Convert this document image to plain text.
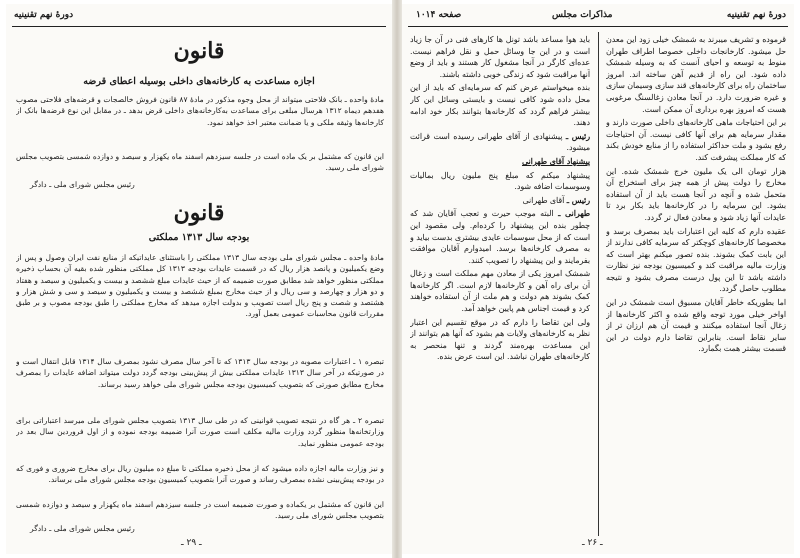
دورهٔ نهم تقنینیه
قانون
اجازه مساعدت به کارخانه‌های داخلی بوسیله اعطای قرضه
مادهٔ واحده ـ بانک فلاحتی میتواند از محل وجوه مذکور در مادهٔ ۸۷ قانون فروش خالصجات و قرضه‌های فلاحتی مصوب هفدهم دیماه ۱۳۱۲ هرسال مبلغی برای مساعدت به‌کارخانه‌های داخلی قرض بدهد ـ در مقابل این نوع قرضه‌ها بانک از کارخانه‌ها وثیقه ملکی و یا ضمانت معتبر اخذ خواهد نمود.
این قانون که مشتمل بر یک ماده است در جلسه سیزدهم اسفند ماه یکهزار و سیصد و دوازده شمسی بتصویب مجلس شورای ملی رسید.
رئیس مجلس شورای ملی ـ دادگر
قانون
بودجه سال ۱۳۱۳ مملکتی
مادهٔ واحده ـ مجلس شورای ملی بودجه سال ۱۳۱۳ مملکتی را باستثنای عایداتیکه از منابع نفت ایران وصول و پس از وضع یکمیلیون و پانصد هزار ریال که در قسمت عایدات بودجه ۱۳۱۳ کل مملکتی منظور شده بقیه آن بحساب ذخیره مملکتی منظور خواهد شد مطابق صورت ضمیمه که از حیث عایدات مبلغ ششصد و بیست و یکمیلیون و سیصد و هفتاد و دو هزار و چهارصد و سی ریال و از حیث مخارج بمبلغ ششصد و بیست و یکمیلیون و سیصد و سی و شش هزار و هشتصد و شصت و پنج ریال است تصویب و بدولت اجازه میدهد که مخارج مملکتی را طبق بودجه مصوب و بر طبق مقررات قانون محاسبات عمومی بعمل آورد.
تبصره ۱ ـ اعتبارات مصوبه در بودجه سال ۱۳۱۳ که تا آخر سال مصرف نشود بمصرف سال ۱۳۱۴ قابل انتقال است و در صورتیکه در آخر سال ۱۳۱۳ عایدات مملکتی بیش از پیش‌بینی بودجه گردد دولت میتواند اضافه عایدات را بمصرف مخارج مطابق صورتی که بتصویب کمیسیون بودجه مجلس شورای ملی خواهد رسید برساند.
تبصره ۲ ـ هر گاه در نتیجه تصویب قوانینی که در طی سال ۱۳۱۳ بتصویب مجلس شورای ملی میرسد اعتباراتی برای وزارتخانه‌ها منظور گردد وزارت مالیه مکلف است صورت آنرا ضمیمه بودجه نموده و از اول فروردین سال بعد در بودجه عمومی منظور نماید.
و نیز وزارت مالیه اجازه داده میشود که از محل ذخیره مملکتی تا مبلغ ده میلیون ریال برای مخارج ضروری و فوری که در بودجه پیش‌بینی نشده بمصرف رساند و صورت آنرا بتصویب کمیسیون بودجه مجلس شورای ملی برساند.
این قانون که مشتمل بر یکماده و صورت ضمیمه است در جلسه سیزدهم اسفند ماه یکهزار و سیصد و دوازده شمسی بتصویب مجلس شورای ملی رسید.
رئیس مجلس شورای ملی ـ دادگر
ـ ۲۹ ـ
دورهٔ نهم تقنینیه
مذاکرات مجلس
صفحه ۱۰۱۴

قرموده و تشریف میبرند به شمشک خیلی زود این معدن حل میشود. کارخانجات داخلی خصوصا اطراف طهران منوط به توسعه و احیای آنست که به وسیله شمشک داده شود. این راه از قدیم آهن ساخته اند. امروز ساختمان راه برای کارخانه‌های قند سازی وسیمان سازی و غیره ضرورت دارد. در آنجا معادن زغالسنگ مرغوبی هست که امروز بهره برداری آن ممکن است.

بر این احتیاجات ماهی کارخانه‌های داخلی صورت دارند و مقدار سرمایه هم برای آنها کافی نیست. آن احتیاجات رفع بشود و ملت حداکثر استفاده را از منابع خودش بکند که کار مملکت پیشرفت کند.

هزار تومان الی یک ملیون خرج شمشک شده. این مخارج را دولت پیش از همه چیز برای استخراج آن متحمل شده و آنچه در آنجا هست باید از آن استفاده بشود. این سرمایه را در کارخانه‌ها باید بکار برد تا عایدات آنها زیاد شود و معادن فعال تر گردد.

عقیده دارم که کلیه این اعتبارات باید بمصرف برسد و مخصوصا کارخانه‌های کوچکتر که سرمایه کافی ندارند از این بابت کمک بشوند. بنده تصور میکنم بهتر است که وزارت مالیه مراقبت کند و کمیسیون بودجه نیز نظارت داشته باشد تا این پول درست مصرف بشود و نتیجه مطلوب حاصل گردد.

اما بطوریکه خاطر آقایان مسبوق است شمشک در این اواخر خیلی مورد توجه واقع شده و اکثر کارخانه‌ها از زغال آنجا استفاده میکنند و قیمت آن هم ارزان تر از سایر نقاط است. بنابراین تقاضا دارم دولت در این قسمت بیشتر همت بگمارد.

باید هوا مساعد باشد تونل ها کارهای فنی در آن جا زیاد است و در این جا وسائل حمل و نقل فراهم نیست. عده‌ای کارگر در آنجا مشغول کار هستند و باید از وضع آنها مراقبت شود که زندگی خوبی داشته باشند.

بنده میخواستم عرض کنم که سرمایه‌ای که باید از این محل داده شود کافی نیست و بایستی وسائل این کار بیشتر فراهم گردد که کارخانه‌ها بتوانند بکار خود ادامه دهند.

رئیس ـ پیشنهادی از آقای طهرانی رسیده است قرائت میشود.

پیشنهاد آقای طهرانی

پیشنهاد میکنم که مبلغ پنج ملیون ریال بمالیات وسوسمات اضافه شود.

رئیس ـ آقای طهرانی

طهرانی ـ البته موجب حیرت و تعجب آقایان شد که چطور بنده این پیشنهاد را کرده‌ام. ولی مقصود این است که از محل سوسمات عایدی بیشتری بدست بیاید و به مصرف کارخانه‌ها برسد. امیدوارم آقایان موافقت بفرمایند و این پیشنهاد را تصویب کنند.

شمشک امروز یکی از معادن مهم مملکت است و زغال آن برای راه آهن و کارخانه‌ها لازم است. اگر کارخانه‌ها کمک بشوند هم دولت و هم ملت از آن استفاده خواهند کرد و قیمت اجناس هم پایین خواهد آمد.

ولی این تقاضا را دارم که در موقع تقسیم این اعتبار نظر به کارخانه‌های ولایات هم بشود که آنها هم بتوانند از این مساعدت بهره‌مند گردند و تنها منحصر به کارخانه‌های طهران نباشد. این است عرض بنده.

ـ ۲۶ ـ
